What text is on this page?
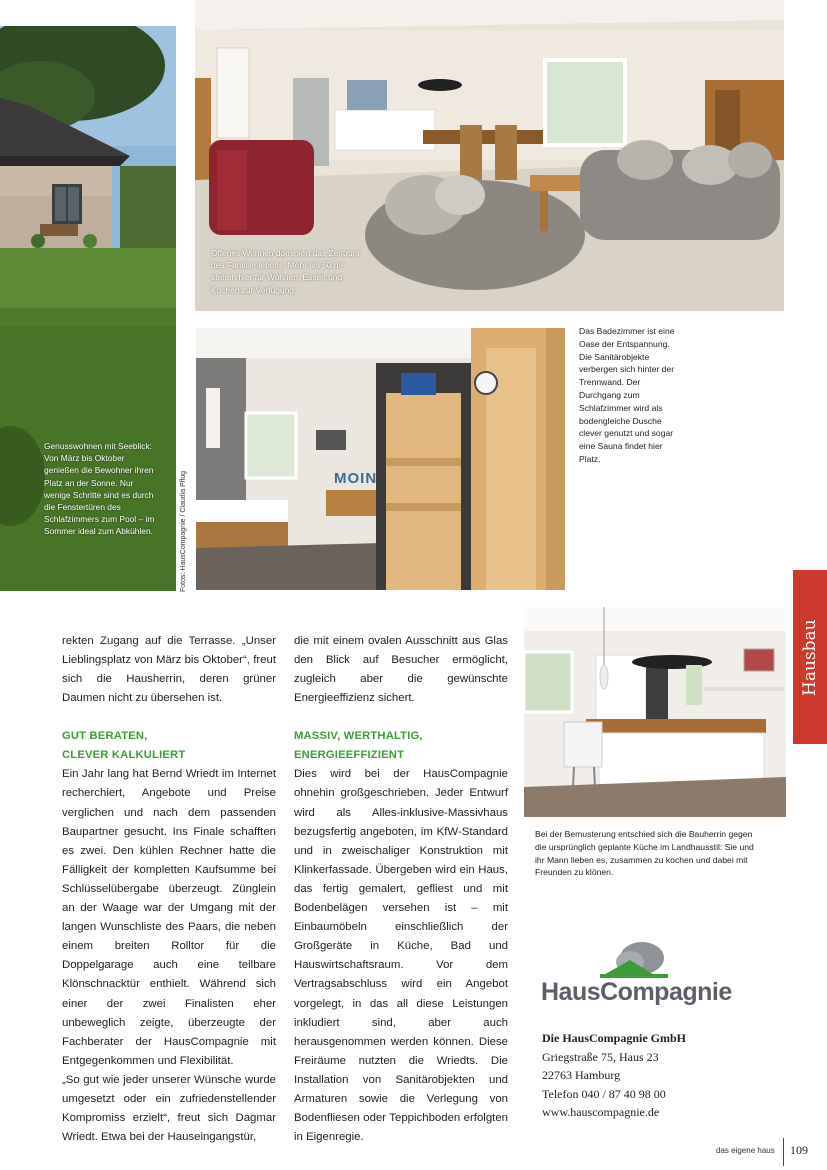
Genusswohnen mit Seeblick: Von März bis Oktober genießen die Bewohner ihren Platz an der Sonne. Nur wenige Schritte sind es durch die Fenstertüren des Schlafzimmers zum Pool – im Sommer ideal zum Abkühlen.	Fotos: HausCompagnie / Claudia Pflug
Offenes Wohnen dominiert das Zentrum des Familienlebens. Mehr als 50 m² stehen hier für Wohnen, Essen und Kochen zur Verfügung.
MOIN
Das Badezimmer ist eine Oase der Entspannung. Die Sanitärobjekte verbergen sich hinter der Trennwand. Der Durchgang zum Schlafzimmer wird als bodengleiche Dusche clever genutzt und sogar eine Sauna findet hier Platz.
Hausbau
Bei der Bemusterung entschied sich die Bauherrin gegen die ursprünglich geplante Küche im Landhausstil: Sie und ihr Mann lieben es, zusammen zu kochen und dabei mit Freunden zu klönen.

rekten Zugang auf die Terrasse. „Unser Lieblingsplatz von März bis Oktober“, freut sich die Hausherrin, deren grüner Daumen nicht zu übersehen ist.

GUT BERATEN,
CLEVER KALKULIERT

Ein Jahr lang hat Bernd Wriedt im Internet recherchiert, Angebote und Preise verglichen und nach dem passenden Baupartner gesucht. Ins Finale schafften es zwei. Den kühlen Rechner hatte die Fälligkeit der kompletten Kaufsumme bei Schlüsselübergabe überzeugt. Zünglein an der Waage war der Umgang mit der langen Wunschliste des Paars, die neben einem breiten Rolltor für die Doppelgarage auch eine teilbare Klönschnacktür enthielt. Während sich einer der zwei Finalisten eher unbeweglich zeigte, überzeugte der Fachberater der HausCompagnie mit Entgegenkommen und Flexibilität.

„So gut wie jeder unserer Wünsche wurde umgesetzt oder ein zufriedenstellender Kompromiss erzielt“, freut sich Dagmar Wriedt. Etwa bei der Hauseingangstür,

die mit einem ovalen Ausschnitt aus Glas den Blick auf Besucher ermöglicht, zugleich aber die gewünschte Energieeffizienz sichert.

MASSIV, WERTHALTIG,
ENERGIEEFFIZIENT

Dies wird bei der HausCompagnie ohnehin großgeschrieben. Jeder Entwurf wird als Alles-inklusive-Massivhaus bezugsfertig angeboten, im KfW-Standard und in zweischaliger Konstruktion mit Klinkerfassade. Übergeben wird ein Haus, das fertig gemalert, gefliest und mit Bodenbelägen versehen ist – mit Einbaumöbeln einschließlich der Großgeräte in Küche, Bad und Hauswirtschaftsraum. Vor dem Vertragsabschluss wird ein Angebot vorgelegt, in das all diese Leistungen inkludiert sind, aber auch herausgenommen werden können. Diese Freiräume nutzten die Wriedts. Die Installation von Sanitärobjekten und Armaturen sowie die Verlegung von Bodenfliesen oder Teppichboden erfolgten in Eigenregie.

HausCompagnie
Die HausCompagnie GmbH
Griegstraße 75, Haus 23
22763 Hamburg
Telefon 040 / 87 40 98 00
www.hauscompagnie.de
das eigene haus 109
